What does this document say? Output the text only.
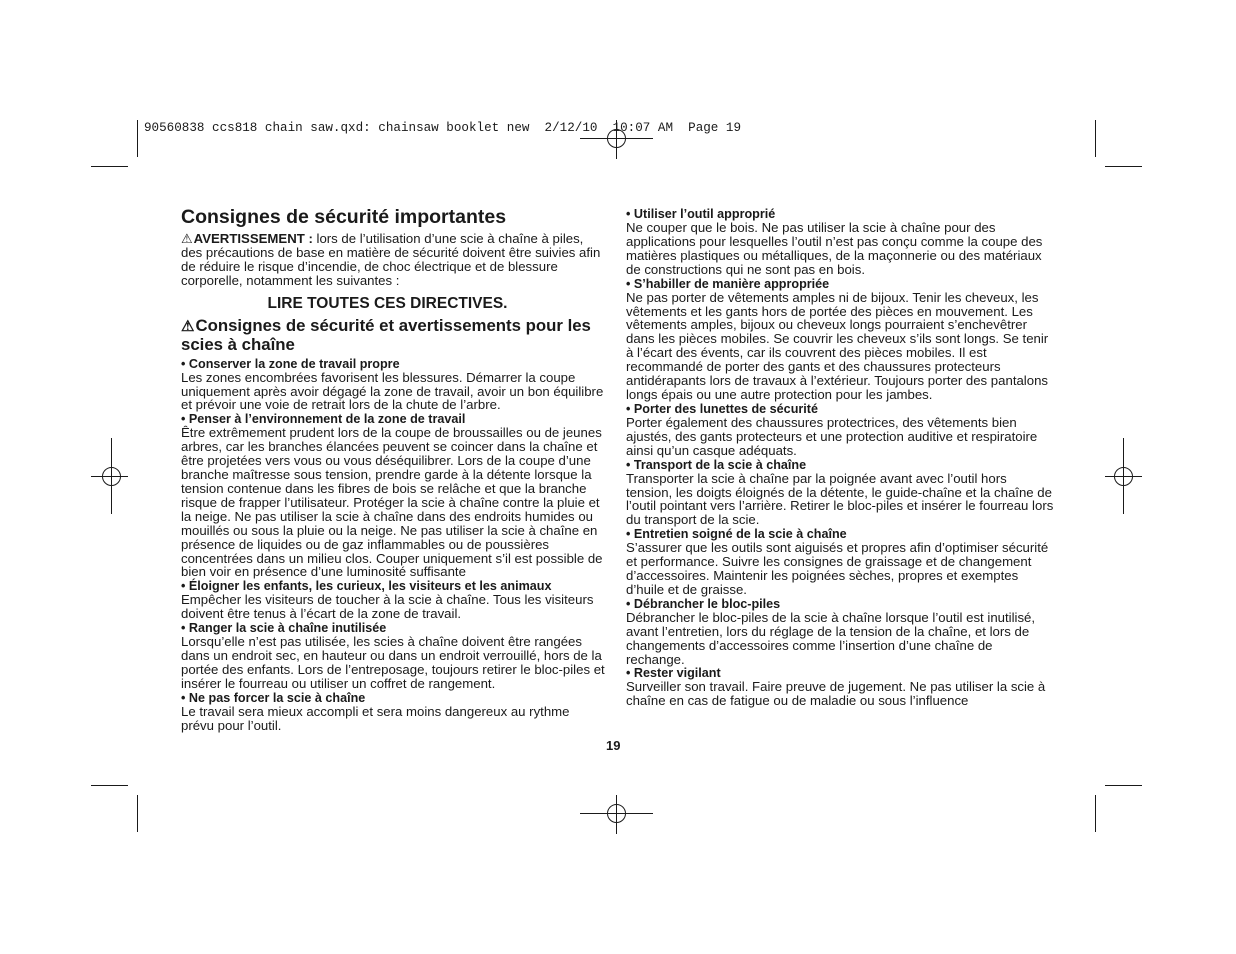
90560838 ccs818 chain saw.qxd: chainsaw booklet new  2/12/10  10:07 AM  Page 19
Consignes de sécurité importantes

⚠AVERTISSEMENT : lors de l’utilisation d’une scie à chaîne à piles, des précautions de base en matière de sécurité doivent être suivies afin de réduire le risque d’incendie, de choc électrique et de blessure corporelle, notamment les suivantes :

LIRE TOUTES CES DIRECTIVES.
⚠Consignes de sécurité et avertissements pour les scies à chaîne

• Conserver la zone de travail propre

Les zones encombrées favorisent les blessures. Démarrer la coupe uniquement après avoir dégagé la zone de travail, avoir un bon équilibre et prévoir une voie de retrait lors de la chute de l’arbre.

• Penser à l’environnement de la zone de travail

Être extrêmement prudent lors de la coupe de broussailles ou de jeunes arbres, car les branches élancées peuvent se coincer dans la chaîne et être projetées vers vous ou vous déséquilibrer. Lors de la coupe d’une branche maîtresse sous tension, prendre garde à la détente lorsque la tension contenue dans les fibres de bois se relâche et que la branche risque de frapper l’utilisateur. Protéger la scie à chaîne contre la pluie et la neige. Ne pas utiliser la scie à chaîne dans des endroits humides ou mouillés ou sous la pluie ou la neige. Ne pas utiliser la scie à chaîne en présence de liquides ou de gaz inflammables ou de poussières concentrées dans un milieu clos. Couper uniquement s’il est possible de bien voir en présence d’une luminosité suffisante

• Éloigner les enfants, les curieux, les visiteurs et les animaux

Empêcher les visiteurs de toucher à la scie à chaîne. Tous les visiteurs doivent être tenus à l’écart de la zone de travail.

• Ranger la scie à chaîne inutilisée

Lorsqu’elle n’est pas utilisée, les scies à chaîne doivent être rangées dans un endroit sec, en hauteur ou dans un endroit verrouillé, hors de la portée des enfants. Lors de l’entreposage, toujours retirer le bloc-piles et insérer le fourreau ou utiliser un coffret de rangement.

• Ne pas forcer la scie à chaîne

Le travail sera mieux accompli et sera moins dangereux au rythme prévu pour l’outil.

• Utiliser l’outil approprié

Ne couper que le bois. Ne pas utiliser la scie à chaîne pour des applications pour lesquelles l’outil n’est pas conçu comme la coupe des matières plastiques ou métalliques, de la maçonnerie ou des matériaux de constructions qui ne sont pas en bois.

• S’habiller de manière appropriée

Ne pas porter de vêtements amples ni de bijoux. Tenir les cheveux, les vêtements et les gants hors de portée des pièces en mouvement. Les vêtements amples, bijoux ou cheveux longs pourraient s’enchevêtrer dans les pièces mobiles. Se couvrir les cheveux s’ils sont longs. Se tenir à l’écart des évents, car ils couvrent des pièces mobiles. Il est recommandé de porter des gants et des chaussures protecteurs antidérapants lors de travaux à l’extérieur. Toujours porter des pantalons longs épais ou une autre protection pour les jambes.

• Porter des lunettes de sécurité

Porter également des chaussures protectrices, des vêtements bien ajustés, des gants protecteurs et une protection auditive et respiratoire ainsi qu’un casque adéquats.

• Transport de la scie à chaîne

Transporter la scie à chaîne par la poignée avant avec l’outil hors tension, les doigts éloignés de la détente, le guide-chaîne et la chaîne de l’outil pointant vers l’arrière. Retirer le bloc-piles et insérer le fourreau lors du transport de la scie.

• Entretien soigné de la scie à chaîne

S’assurer que les outils sont aiguisés et propres afin d’optimiser sécurité et performance. Suivre les consignes de graissage et de changement d’accessoires. Maintenir les poignées sèches, propres et exemptes d’huile et de graisse.

• Débrancher le bloc-piles

Débrancher le bloc-piles de la scie à chaîne lorsque l’outil est inutilisé, avant l’entretien, lors du réglage de la tension de la chaîne, et lors de changements d’accessoires comme l’insertion d’une chaîne de rechange.

• Rester vigilant

Surveiller son travail. Faire preuve de jugement. Ne pas utiliser la scie à chaîne en cas de fatigue ou de maladie ou sous l’influence

19
